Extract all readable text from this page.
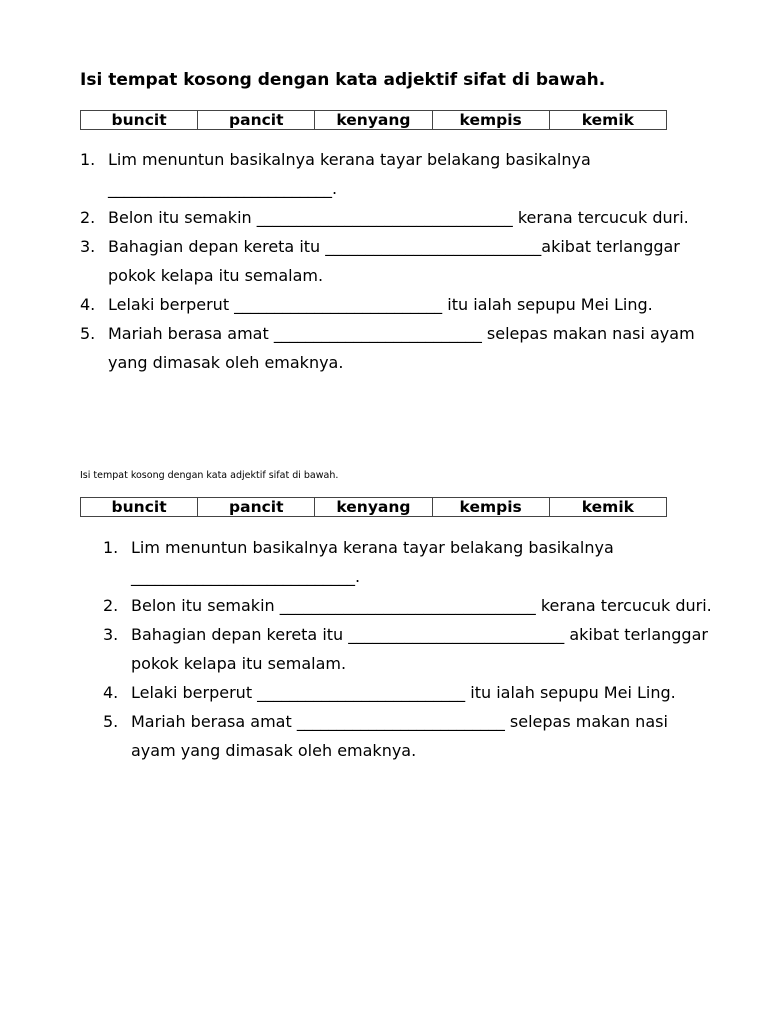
Isi tempat kosong dengan kata adjektif sifat di bawah.
buncit	pancit	kenyang	kempis	kemik
1. Lim menuntun basikalnya kerana tayar belakang basikalnya ____________________________.
2. Belon itu semakin ________________________________ kerana tercucuk duri.
3. Bahagian depan kereta itu ___________________________akibat terlanggar pokok kelapa itu semalam.
4. Lelaki berperut __________________________ itu ialah sepupu Mei Ling.
5. Mariah berasa amat __________________________ selepas makan nasi ayam yang dimasak oleh emaknya.
Isi tempat kosong dengan kata adjektif sifat di bawah.
buncit	pancit	kenyang	kempis	kemik
1. Lim menuntun basikalnya kerana tayar belakang basikalnya ____________________________.
2. Belon itu semakin ________________________________ kerana tercucuk duri.
3. Bahagian depan kereta itu ___________________________ akibat terlanggar pokok kelapa itu semalam.
4. Lelaki berperut __________________________ itu ialah sepupu Mei Ling.
5. Mariah berasa amat __________________________ selepas makan nasi ayam yang dimasak oleh emaknya.
